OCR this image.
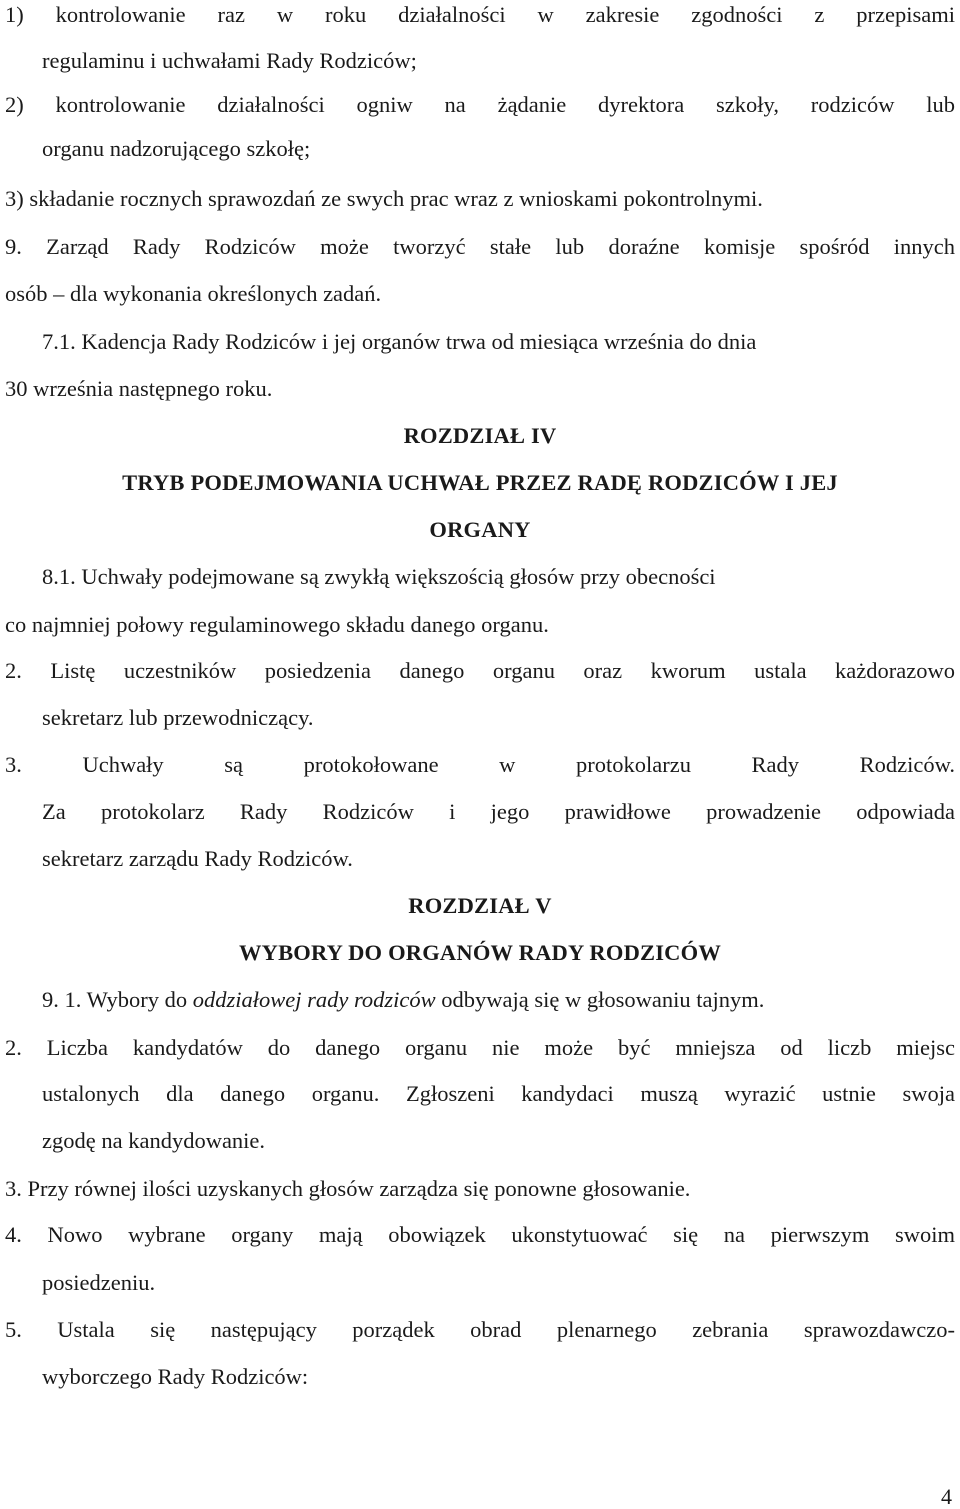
1) kontrolowanie raz w roku działalności w zakresie zgodności z przepisami
regulaminu i uchwałami Rady Rodziców;
2) kontrolowanie działalności ogniw na żądanie dyrektora szkoły, rodziców lub
organu nadzorującego szkołę;
3) składanie rocznych sprawozdań ze swych prac wraz z wnioskami pokontrolnymi.
9. Zarząd Rady Rodziców może tworzyć stałe lub doraźne komisje spośród innych
osób – dla wykonania określonych zadań.
7.1. Kadencja Rady Rodziców i jej organów trwa od miesiąca września do dnia
30 września następnego roku.
ROZDZIAŁ IV
TRYB PODEJMOWANIA UCHWAŁ PRZEZ RADĘ RODZICÓW I JEJ
ORGANY
8.1. Uchwały podejmowane są zwykłą większością głosów przy obecności
co najmniej połowy regulaminowego składu danego organu.
2. Listę uczestników posiedzenia danego organu oraz kworum ustala każdorazowo
sekretarz lub przewodniczący.
3. Uchwały są protokołowane w protokolarzu Rady Rodziców.
Za protokolarz Rady Rodziców i jego prawidłowe prowadzenie odpowiada
sekretarz zarządu Rady Rodziców.
ROZDZIAŁ V
WYBORY DO ORGANÓW RADY RODZICÓW
9. 1. Wybory do oddziałowej rady rodziców odbywają się w głosowaniu tajnym.
2. Liczba kandydatów do danego organu nie może być mniejsza od liczb miejsc
ustalonych dla danego organu. Zgłoszeni kandydaci muszą wyrazić ustnie swoja
zgodę na kandydowanie.
3. Przy równej ilości uzyskanych głosów zarządza się ponowne głosowanie.
4. Nowo wybrane organy mają obowiązek ukonstytuować się na pierwszym swoim
posiedzeniu.
5. Ustala się następujący porządek obrad plenarnego zebrania sprawozdawczo-
wyborczego Rady Rodziców:
4
